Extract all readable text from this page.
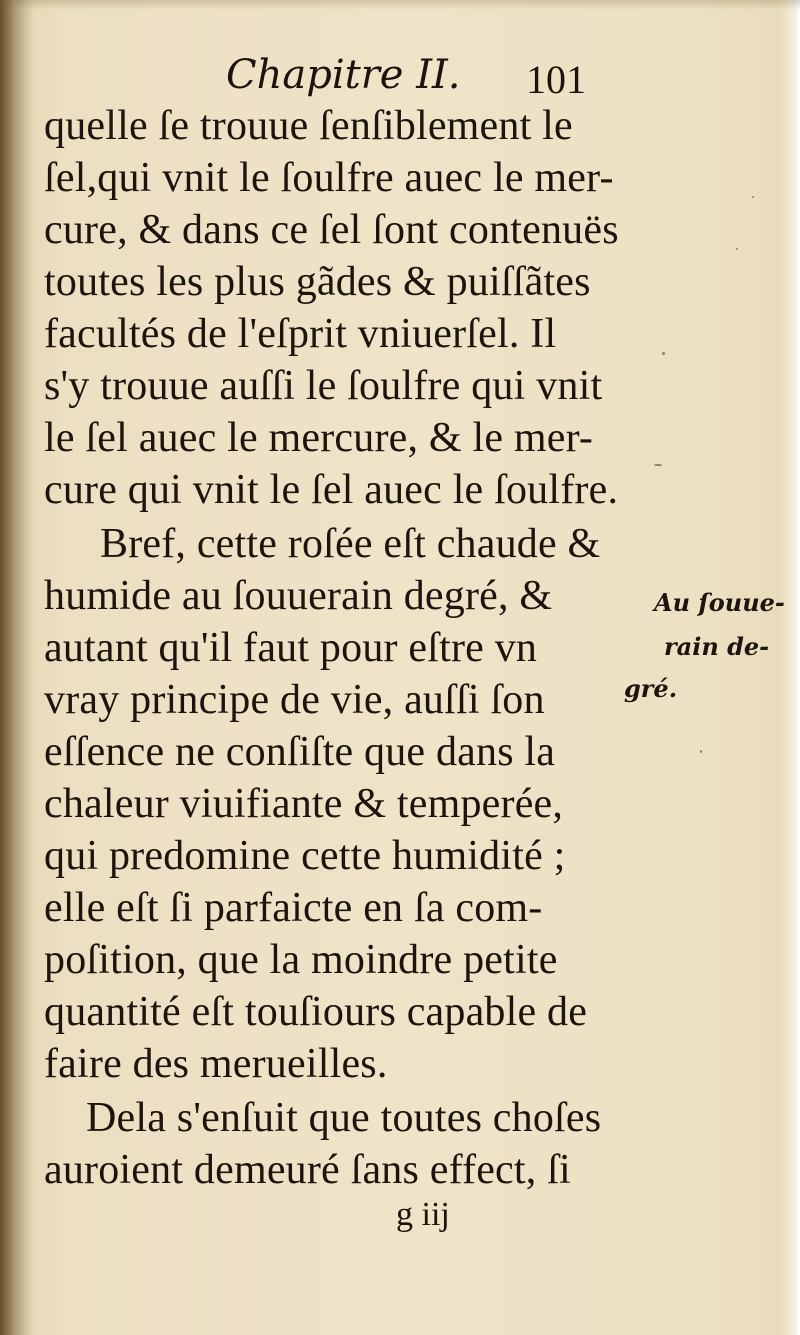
Chapitre II. 101
quelle ſe trouue ſenſiblement le
ſel,qui vnit le ſoulfre auec le mer-
cure, & dans ce ſel ſont contenuës
toutes les plus gãdes & puiſſãtes
facultés de l'eſprit vniuerſel. Il
s'y trouue auſſi le ſoulfre qui vnit
le ſel auec le mercure, & le mer-
cure qui vnit le ſel auec le ſoulfre.
Bref, cette roſée eſt chaude &
humide au ſouuerain degré, &
autant qu'il faut pour eſtre vn
vray principe de vie, auſſi ſon
eſſence ne conſiſte que dans la
chaleur viuifiante & temperée,
qui predomine cette humidité ;
elle eſt ſi parfaicte en ſa com-
poſition, que la moindre petite
quantité eſt touſiours capable de
faire des merueilles.
Dela s'enſuit que toutes choſes
auroient demeuré ſans effect, ſi
Au ſouue-
rain de-
gré.
g iij
